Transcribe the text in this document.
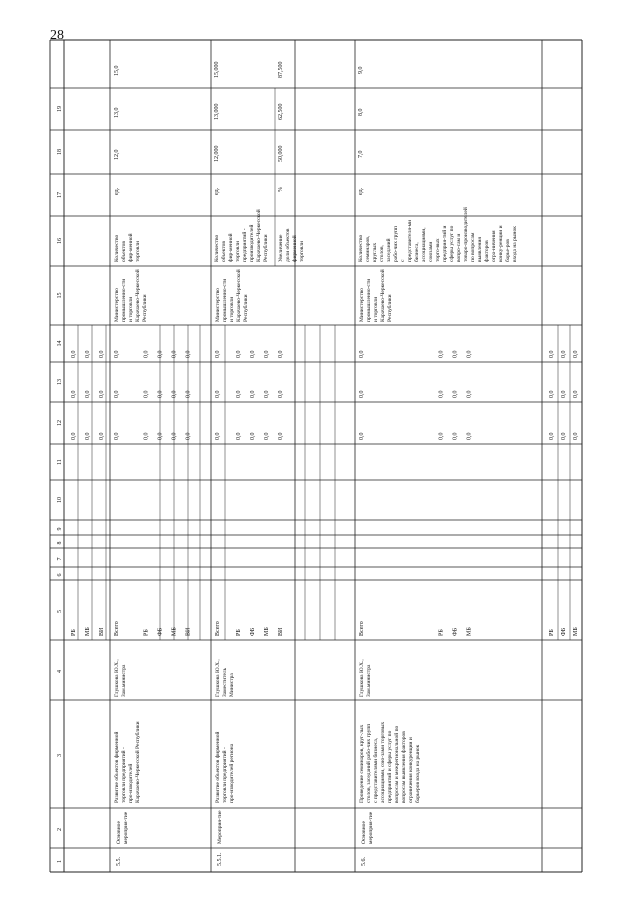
28
1
2
3
4
5
6
7
8
9
10
11
12
13
14
15
16
17
18
19
РБ
0,0
0,0
0,0
МБ
0,0
0,0
0,0
ВИ
0,0
0,0
0,0
5.5.
Основноемероприя-тие
Развитие объектов фирменнойторговли предприятий -про-изводителейКарачаево-Черкесской Республики
Глушкова Ю.Х.,Зам.министра
Министерствопромышленно-стии торговлиКарачаево-ЧеркесскойРеспублики
Всего
0,0
0,0
0,0
РБ
0,0
0,0
0,0
ФБ
0,0
0,0
0,0
МБ
0,0
0,0
0,0
ВИ
0,0
0,0
0,0
Количествообъектовфир-меннойторговли
ед.
12,0
13,0
15,0
5.5.1.
Мероприя-тие
Развитие объектов фирменнойторговли предприятий -про-изводителей региона
Глушкова Ю.Х.,ЗаместительМинистра
Министерствопромышленно-стии торговлиКарачаево-ЧеркесскойРеспублики
Всего
0,0
0,0
0,0
РБ
0,0
0,0
0,0
ФБ
0,0
0,0
0,0
МБ
0,0
0,0
0,0
ВИ
0,0
0,0
0,0
Количествообъектовфир-меннойторговлипредприятий -производителейКарачаево-ЧеркесскойРеспублики
ед.
12,000
13,000
15,000
Увеличениедоли объектовфирменнойторговли
%
50,000
62,500
87,500
5.6.
Основноемероприя-тие
Проведение семинаров, круг-лыхстолов, заседаний рабо-чих группс представителями бизнеса,ассоциациями, сою-зами торговыхпредприятий и сферы услуг повопросам и межрегиональной повопросам выявления факторовограничения конкуренции ибарьеров входа на рынок
Глушкова Ю.Х.,Зам.министра
Министерствопромышленно-стии торговлиКарачаево-ЧеркесскойРеспублики
Всего
0,0
0,0
0,0
РБ
0,0
0,0
0,0
ФБ
0,0
0,0
0,0
МБ
0,0
0,0
0,0
Количествосеминаров,круглыхстолов,заседанийрабо-чих группспредставителя-мибизнеса,ассоциациями,союзамиторго-выхпредприя-тий исферы услуг повопро-сам итоваро-производителейпо вопросамвыявленияфакторовогра-ниченияконку-ренции ибарье-роввхода на рынок
ед.
7,0
8,0
9,0
РБ
0,0
0,0
0,0
ФБ
0,0
0,0
0,0
МБ
0,0
0,0
0,0
